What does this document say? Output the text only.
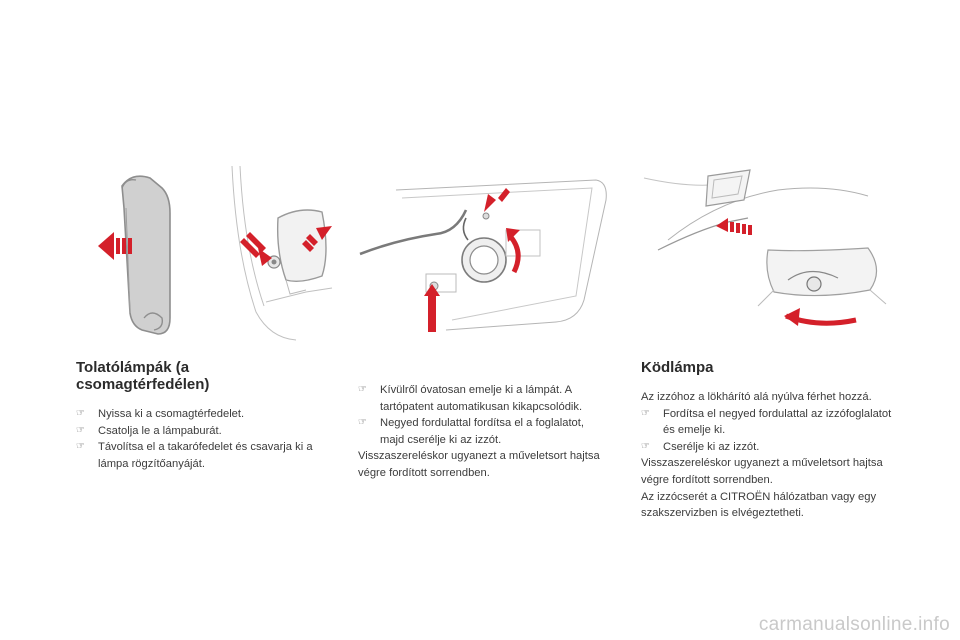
Tolatólámpák (a
csomagtérfedélen)
☞ Nyissa ki a csomagtérfedelet.
☞ Csatolja le a lámpaburát.
☞ Távolítsa el a takarófedelet és csavarja ki a lámpa rögzítőanyáját.
☞ Kívülről óvatosan emelje ki a lámpát. A tartópatent automatikusan kikapcsolódik.
☞ Negyed fordulattal fordítsa el a foglalatot, majd cserélje ki az izzót.

Visszaszereléskor ugyanezt a műveletsort hajtsa végre fordított sorrendben.

Ködlámpa

Az izzóhoz a lökhárító alá nyúlva férhet hozzá.

☞ Fordítsa el negyed fordulattal az izzófoglalatot és emelje ki.
☞ Cserélje ki az izzót.

Visszaszereléskor ugyanezt a műveletsort hajtsa végre fordított sorrendben.

Az izzócserét a CITROËN hálózatban vagy egy szakszervizben is elvégeztetheti.

carmanualsonline.info
